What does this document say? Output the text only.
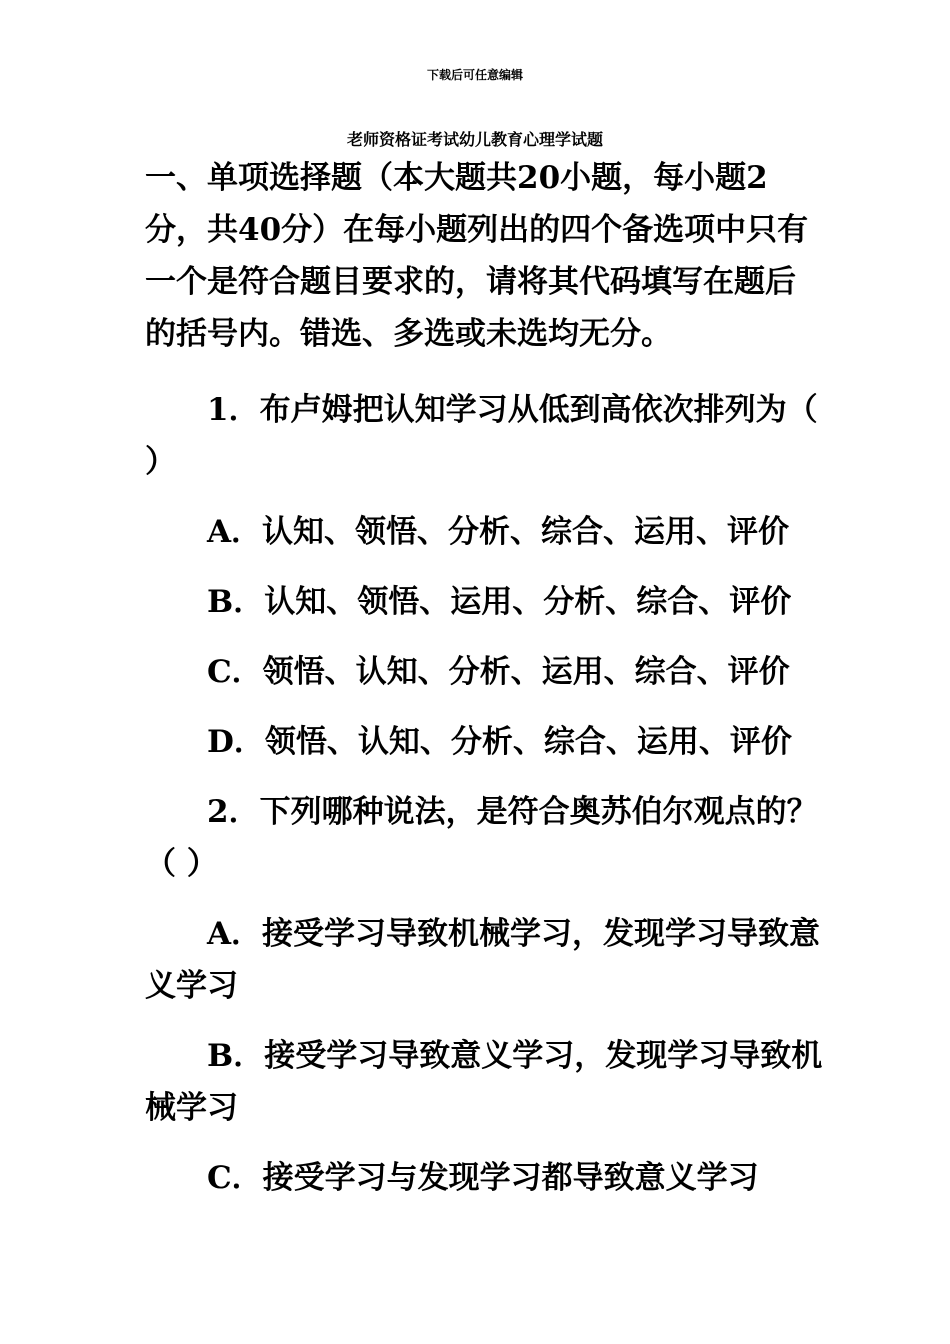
下载后可任意编辑
老师资格证考试幼儿教育心理学试题

一、单项选择题（本大题共20小题，每小题2分，共40分）在每小题列出的四个备选项中只有一个是符合题目要求的，请将其代码填写在题后的括号内。错选、多选或未选均无分。

1．布卢姆把认知学习从低到高依次排列为（ ）

A．认知、领悟、分析、综合、运用、评价

B．认知、领悟、运用、分析、综合、评价

C．领悟、认知、分析、运用、综合、评价

D．领悟、认知、分析、综合、运用、评价

2．下列哪种说法，是符合奥苏伯尔观点的？（ ）

A．接受学习导致机械学习，发现学习导致意义学习

B．接受学习导致意义学习，发现学习导致机械学习

C．接受学习与发现学习都导致意义学习
